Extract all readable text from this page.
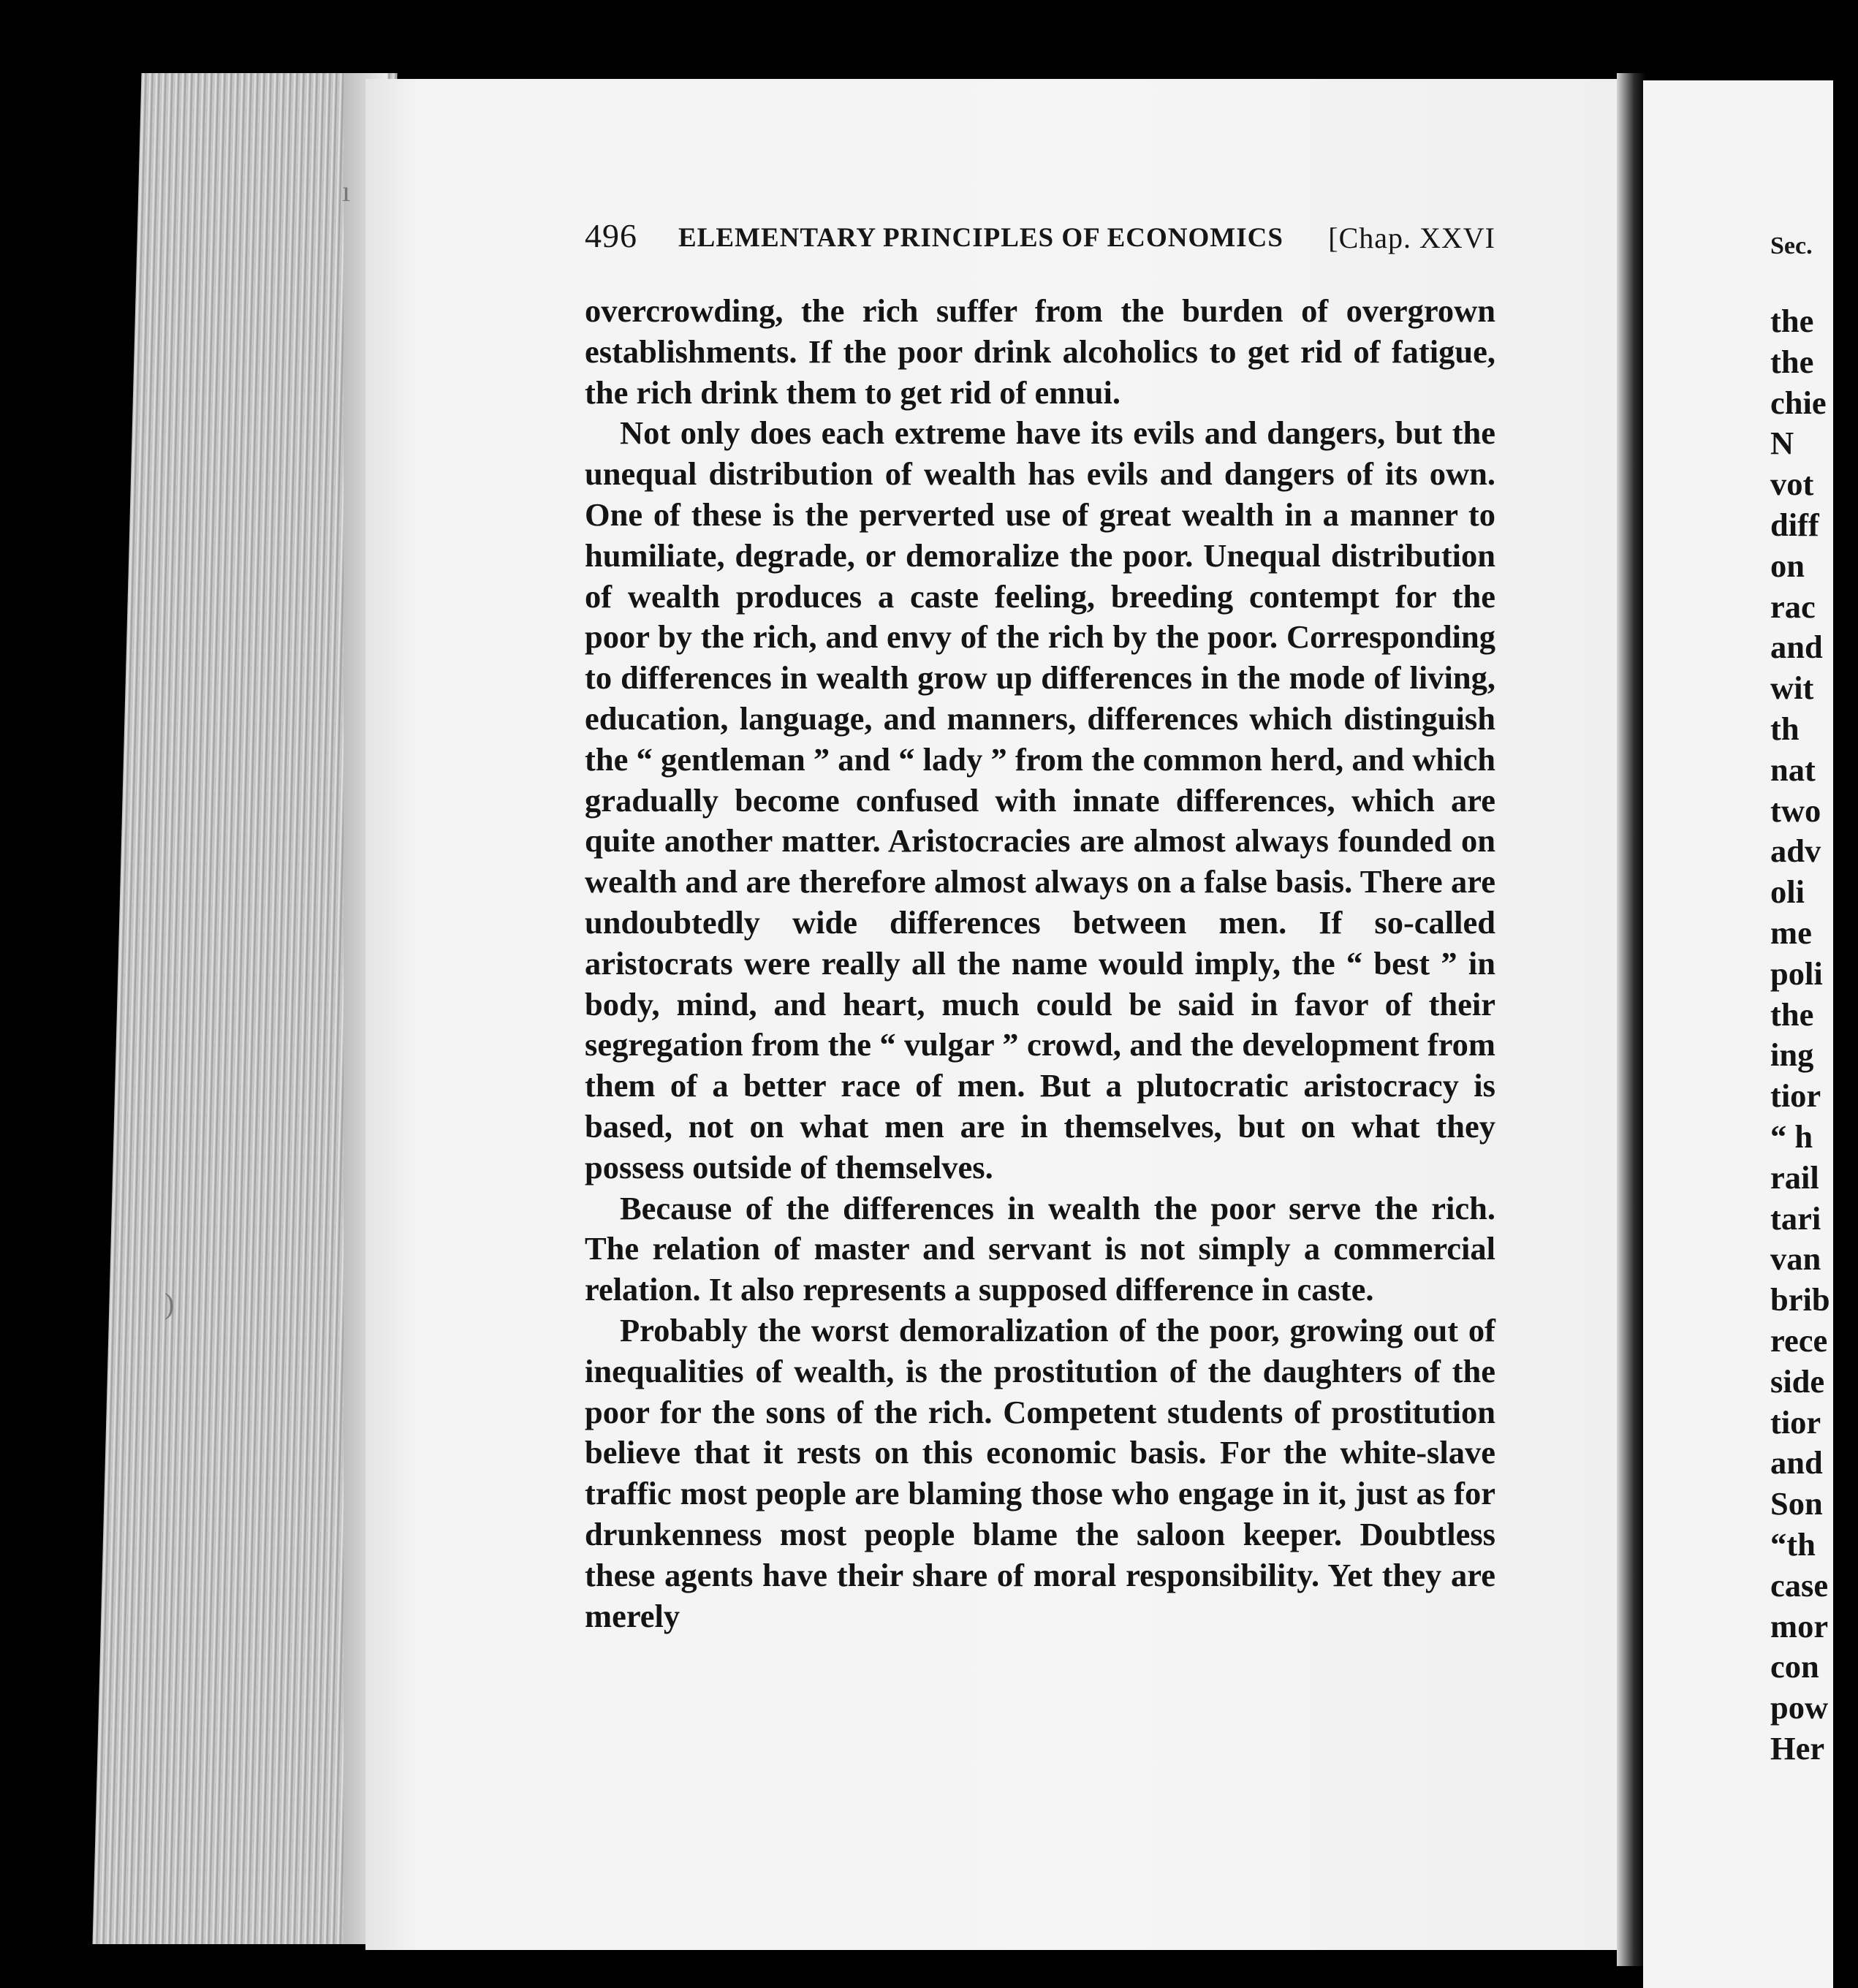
ı
)
496 ELEMENTARY PRINCIPLES OF ECONOMICS [Chap. XXVI

overcrowding, the rich suffer from the burden of overgrown establishments. If the poor drink alcoholics to get rid of fatigue, the rich drink them to get rid of ennui.

Not only does each extreme have its evils and dangers, but the unequal distribution of wealth has evils and dangers of its own. One of these is the perverted use of great wealth in a manner to humiliate, degrade, or demoralize the poor. Unequal distribution of wealth produces a caste feeling, breeding contempt for the poor by the rich, and envy of the rich by the poor. Corresponding to differences in wealth grow up differences in the mode of living, education, language, and manners, differences which distinguish the “ gentleman ” and “ lady ” from the common herd, and which gradually become confused with innate differences, which are quite another matter. Aristocracies are almost always founded on wealth and are therefore almost always on a false basis. There are undoubtedly wide differences between men. If so-called aristocrats were really all the name would imply, the “ best ” in body, mind, and heart, much could be said in favor of their segregation from the “ vulgar ” crowd, and the development from them of a better race of men. But a plutocratic aristocracy is based, not on what men are in themselves, but on what they possess outside of themselves.

Because of the differences in wealth the poor serve the rich. The relation of master and servant is not simply a commercial relation. It also represents a supposed difference in caste.

Probably the worst demoralization of the poor, growing out of inequalities of wealth, is the prostitution of the daughters of the poor for the sons of the rich. Competent students of prostitution believe that it rests on this economic basis. For the white-slave traffic most people are blaming those who engage in it, just as for drunkenness most people blame the saloon keeper. Doubtless these agents have their share of moral responsibility. Yet they are merely

Sec.
the
the
chie
N
vot
diff
on
rac
and
wit
th
nat
two
adv
oli
me
poli
the
ing
tior
“ h
rail
tari
van
brib
rece
side
tior
and
Son
“th
case
mor
con
pow
Her
